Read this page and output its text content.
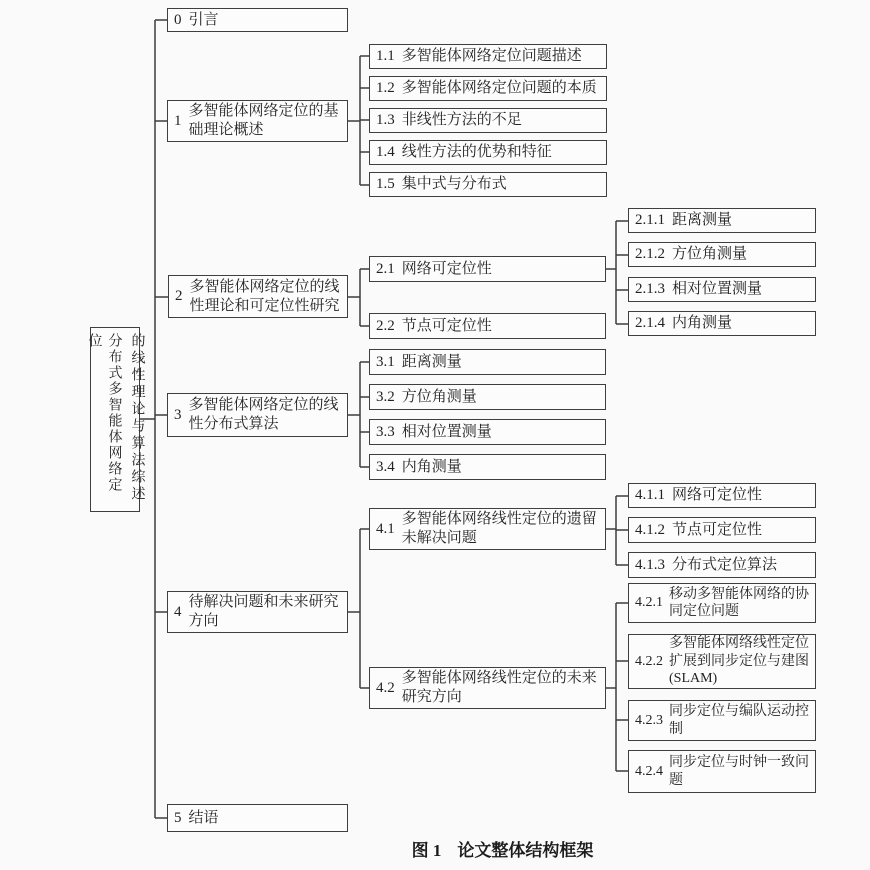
分布式多智能体网络定位	的线性理论与算法综述
0 引言
1
多智能体网络定位的基础理论概述
2
多智能体网络定位的线性理论和可定位性研究
3
多智能体网络定位的线性分布式算法
4
待解决问题和未来研究方向
5 结语
1.1 多智能体网络定位问题描述
1.2 多智能体网络定位问题的本质
1.3 非线性方法的不足
1.4 线性方法的优势和特征
1.5 集中式与分布式
2.1 网络可定位性
2.2 节点可定位性
2.1.1 距离测量
2.1.2 方位角测量
2.1.3 相对位置测量
2.1.4 内角测量
3.1 距离测量
3.2 方位角测量
3.3 相对位置测量
3.4 内角测量
4.1
多智能体网络线性定位的遗留未解决问题
4.2
多智能体网络线性定位的未来研究方向
4.1.1 网络可定位性
4.1.2 节点可定位性
4.1.3 分布式定位算法
4.2.1
移动多智能体网络的协同定位问题
4.2.2
多智能体网络线性定位扩展到同步定位与建图(SLAM)
4.2.3
同步定位与编队运动控制
4.2.4
同步定位与时钟一致问题
图 1 论文整体结构框架
